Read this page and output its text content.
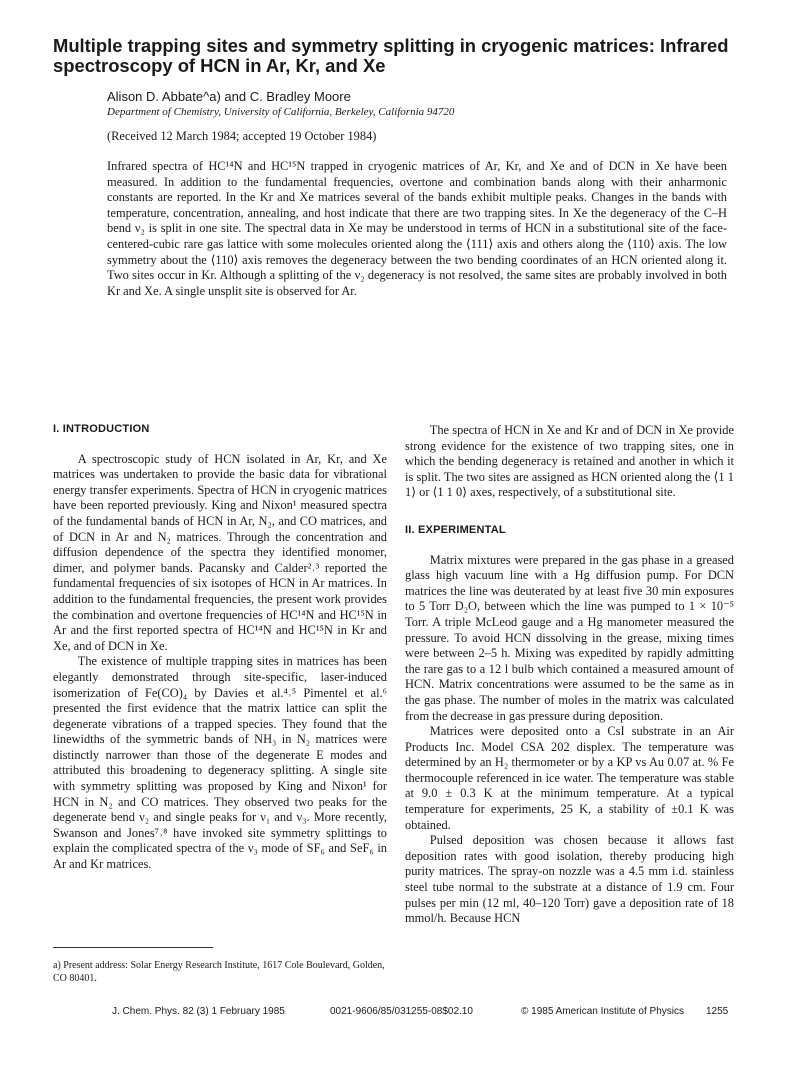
Multiple trapping sites and symmetry splitting in cryogenic matrices: Infrared spectroscopy of HCN in Ar, Kr, and Xe
Alison D. Abbate^a) and C. Bradley Moore
Department of Chemistry, University of California, Berkeley, California 94720
(Received 12 March 1984; accepted 19 October 1984)

Infrared spectra of HC¹⁴N and HC¹⁵N trapped in cryogenic matrices of Ar, Kr, and Xe and of DCN in Xe have been measured. In addition to the fundamental frequencies, overtone and combination bands along with their anharmonic constants are reported. In the Kr and Xe matrices several of the bands exhibit multiple peaks. Changes in the bands with temperature, concentration, annealing, and host indicate that there are two trapping sites. In Xe the degeneracy of the C–H bend ν₂ is split in one site. The spectral data in Xe may be understood in terms of HCN in a substitutional site of the face-centered-cubic rare gas lattice with some molecules oriented along the ⟨111⟩ axis and others along the ⟨110⟩ axis. The low symmetry about the ⟨110⟩ axis removes the degeneracy between the two bending coordinates of an HCN oriented along it. Two sites occur in Kr. Although a splitting of the ν₂ degeneracy is not resolved, the same sites are probably involved in both Kr and Xe. A single unsplit site is observed for Ar.

I. INTRODUCTION

A spectroscopic study of HCN isolated in Ar, Kr, and Xe matrices was undertaken to provide the basic data for vibrational energy transfer experiments. Spectra of HCN in cryogenic matrices have been reported previously. King and Nixon¹ measured spectra of the fundamental bands of HCN in Ar, N₂, and CO matrices, and of DCN in Ar and N₂ matrices. Through the concentration and diffusion dependence of the spectra they identified monomer, dimer, and polymer bands. Pacansky and Calder²˒³ reported the fundamental frequencies of six isotopes of HCN in Ar matrices. In addition to the fundamental frequencies, the present work provides the combination and overtone frequencies of HC¹⁴N and HC¹⁵N in Ar and the first reported spectra of HC¹⁴N and HC¹⁵N in Kr and Xe, and of DCN in Xe.

The existence of multiple trapping sites in matrices has been elegantly demonstrated through site-specific, laser-induced isomerization of Fe(CO)₄ by Davies et al.⁴˒⁵ Pimentel et al.⁶ presented the first evidence that the matrix lattice can split the degenerate vibrations of a trapped species. They found that the linewidths of the symmetric bands of NH₃ in N₂ matrices were distinctly narrower than those of the degenerate E modes and attributed this broadening to degeneracy splitting. A single site with symmetry splitting was proposed by King and Nixon¹ for HCN in N₂ and CO matrices. They observed two peaks for the degenerate bend ν₂ and single peaks for ν₁ and ν₃. More recently, Swanson and Jones⁷˒⁸ have invoked site symmetry splittings to explain the complicated spectra of the ν₃ mode of SF₆ and SeF₆ in Ar and Kr matrices.

The spectra of HCN in Xe and Kr and of DCN in Xe provide strong evidence for the existence of two trapping sites, one in which the bending degeneracy is retained and another in which it is split. The two sites are assigned as HCN oriented along the ⟨1 1 1⟩ or ⟨1 1 0⟩ axes, respectively, of a substitutional site.

II. EXPERIMENTAL

Matrix mixtures were prepared in the gas phase in a greased glass high vacuum line with a Hg diffusion pump. For DCN matrices the line was deuterated by at least five 30 min exposures to 5 Torr D₂O, between which the line was pumped to 1 × 10⁻⁵ Torr. A triple McLeod gauge and a Hg manometer measured the pressure. To avoid HCN dissolving in the grease, mixing times were between 2–5 h. Mixing was expedited by rapidly admitting the rare gas to a 12 l bulb which contained a measured amount of HCN. Matrix concentrations were assumed to be the same as in the gas phase. The number of moles in the matrix was calculated from the decrease in gas pressure during deposition.

Matrices were deposited onto a CsI substrate in an Air Products Inc. Model CSA 202 displex. The temperature was determined by an H₂ thermometer or by a KP vs Au 0.07 at. % Fe thermocouple referenced in ice water. The temperature was stable at 9.0 ± 0.3 K at the minimum temperature. At a typical temperature for experiments, 25 K, a stability of ±0.1 K was obtained.

Pulsed deposition was chosen because it allows fast deposition rates with good isolation, thereby producing high purity matrices. The spray-on nozzle was a 4.5 mm i.d. stainless steel tube normal to the substrate at a distance of 1.9 cm. Four pulses per min (12 ml, 40–120 Torr) gave a deposition rate of 18 mmol/h. Because HCN

a) Present address: Solar Energy Research Institute, 1617 Cole Boulevard, Golden, CO 80401.
J. Chem. Phys. 82 (3) 1 February 1985	0021-9606/85/031255-08$02.10	© 1985 American Institute of Physics 1255
